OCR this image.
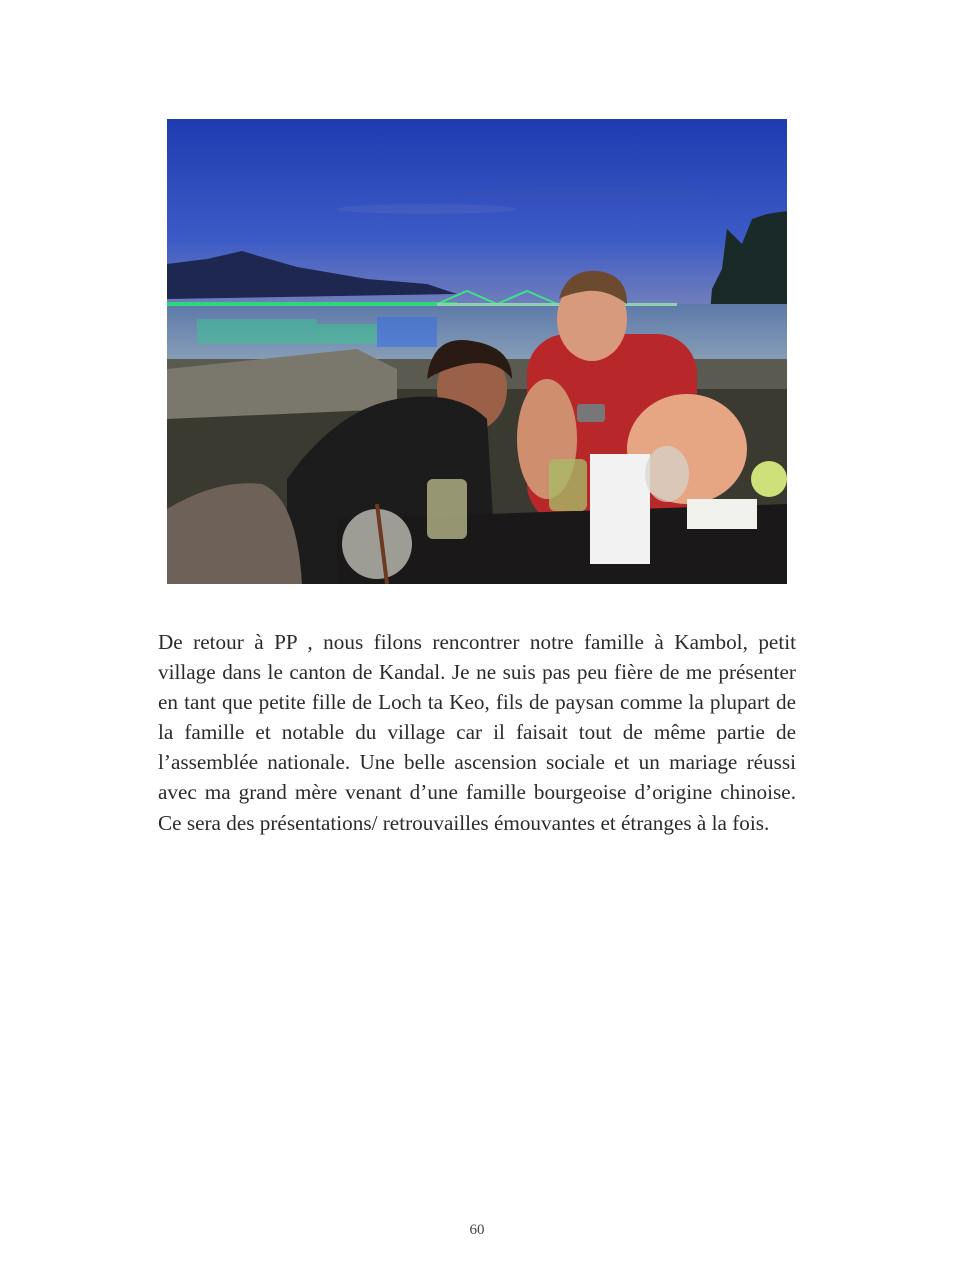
De retour à PP , nous filons rencontrer notre famille à Kambol, petit village dans le canton de Kandal. Je ne suis pas peu fière de me présenter en tant que petite fille de Loch ta Keo, fils de paysan comme la plupart de la famille et notable du village car il faisait tout de même partie de l’assemblée nationale. Une belle ascension sociale et un mariage réussi avec ma grand mère venant d’une famille bourgeoise d’origine chinoise. Ce sera des présentations/ retrouvailles émouvantes et étranges à la fois.

60
